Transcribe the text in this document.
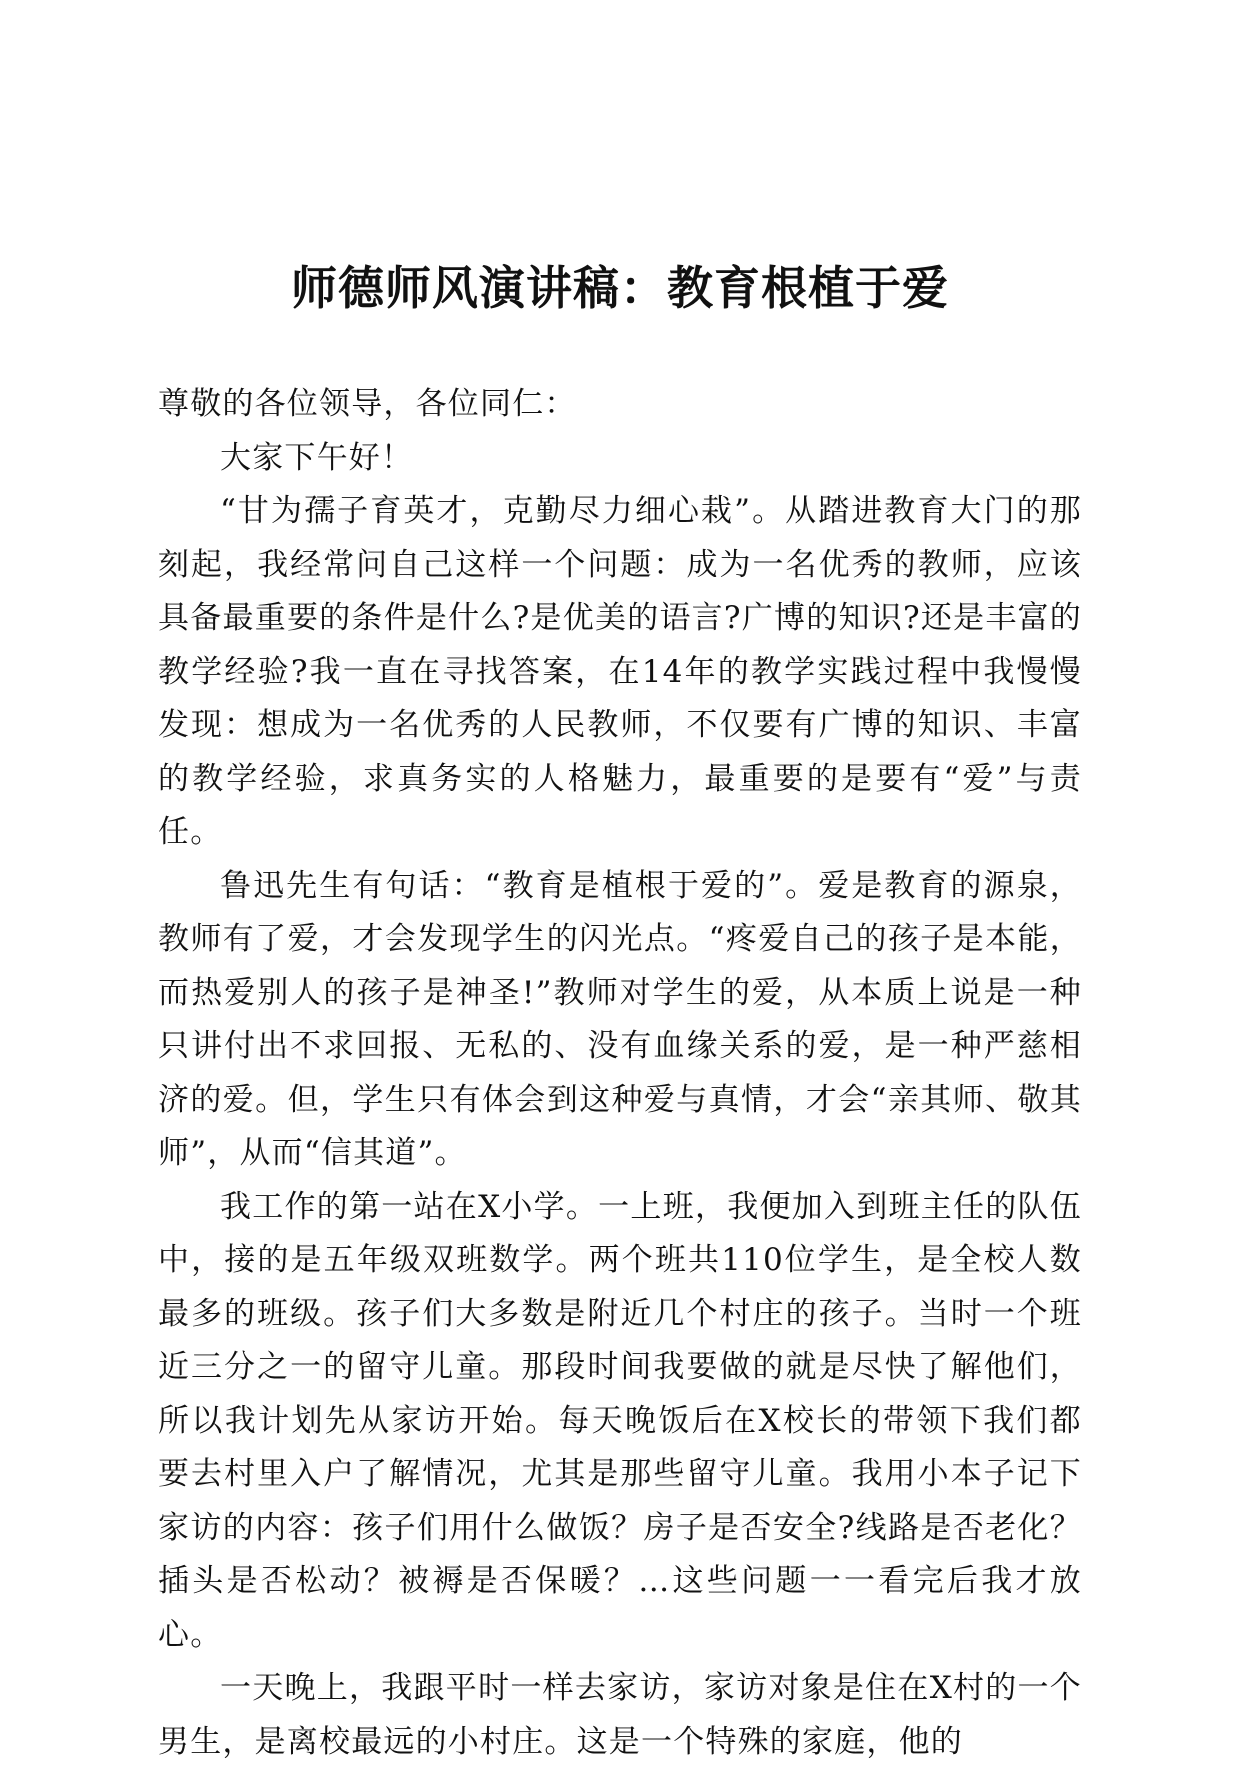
师德师风演讲稿：教育根植于爱

尊敬的各位领导，各位同仁：

大家下午好！

“甘为孺子育英才，克勤尽力细心栽”。从踏进教育大门的那刻起，我经常问自己这样一个问题：成为一名优秀的教师，应该具备最重要的条件是什么?是优美的语言?广博的知识?还是丰富的教学经验?我一直在寻找答案，在14年的教学实践过程中我慢慢发现：想成为一名优秀的人民教师，不仅要有广博的知识、丰富的教学经验，求真务实的人格魅力，最重要的是要有“爱”与责任。

鲁迅先生有句话：“教育是植根于爱的”。爱是教育的源泉，教师有了爱，才会发现学生的闪光点。“疼爱自己的孩子是本能，而热爱别人的孩子是神圣!”教师对学生的爱，从本质上说是一种只讲付出不求回报、无私的、没有血缘关系的爱，是一种严慈相济的爱。但，学生只有体会到这种爱与真情，才会“亲其师、敬其师”，从而“信其道”。

我工作的第一站在X小学。一上班，我便加入到班主任的队伍中，接的是五年级双班数学。两个班共110位学生，是全校人数最多的班级。孩子们大多数是附近几个村庄的孩子。当时一个班近三分之一的留守儿童。那段时间我要做的就是尽快了解他们，所以我计划先从家访开始。每天晚饭后在X校长的带领下我们都要去村里入户了解情况，尤其是那些留守儿童。我用小本子记下家访的内容：孩子们用什么做饭？房子是否安全?线路是否老化？插头是否松动？被褥是否保暖？…这些问题一一看完后我才放心。

一天晚上，我跟平时一样去家访，家访对象是住在X村的一个男生，是离校最远的小村庄。这是一个特殊的家庭，他的
